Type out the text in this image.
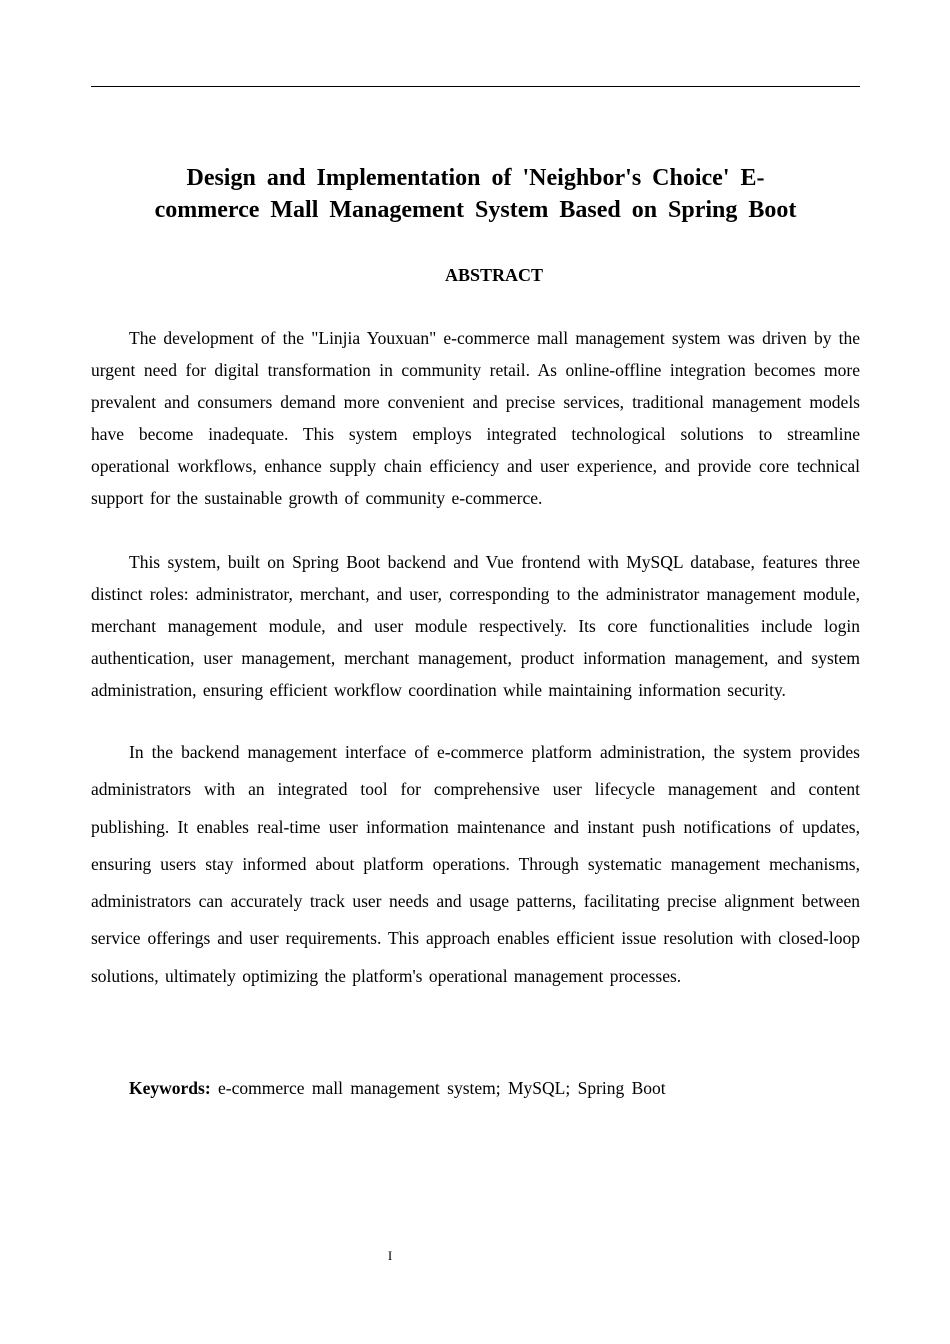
Design and Implementation of 'Neighbor's Choice' E-
commerce Mall Management System Based on Spring Boot
ABSTRACT

The development of the "Linjia Youxuan" e-commerce mall management system was driven by the urgent need for digital transformation in community retail. As online-offline integration becomes more prevalent and consumers demand more convenient and precise services, traditional management models have become inadequate. This system employs integrated technological solutions to streamline operational workflows, enhance supply chain efficiency and user experience, and provide core technical support for the sustainable growth of community e-commerce.

This system, built on Spring Boot backend and Vue frontend with MySQL database, features three distinct roles: administrator, merchant, and user, corresponding to the administrator management module, merchant management module, and user module respectively. Its core functionalities include login authentication, user management, merchant management, product information management, and system administration, ensuring efficient workflow coordination while maintaining information security.

In the backend management interface of e-commerce platform administration, the system provides administrators with an integrated tool for comprehensive user lifecycle management and content publishing. It enables real-time user information maintenance and instant push notifications of updates, ensuring users stay informed about platform operations. Through systematic management mechanisms, administrators can accurately track user needs and usage patterns, facilitating precise alignment between service offerings and user requirements. This approach enables efficient issue resolution with closed-loop solutions, ultimately optimizing the platform's operational management processes.

Keywords: e-commerce mall management system; MySQL; Spring Boot

I
